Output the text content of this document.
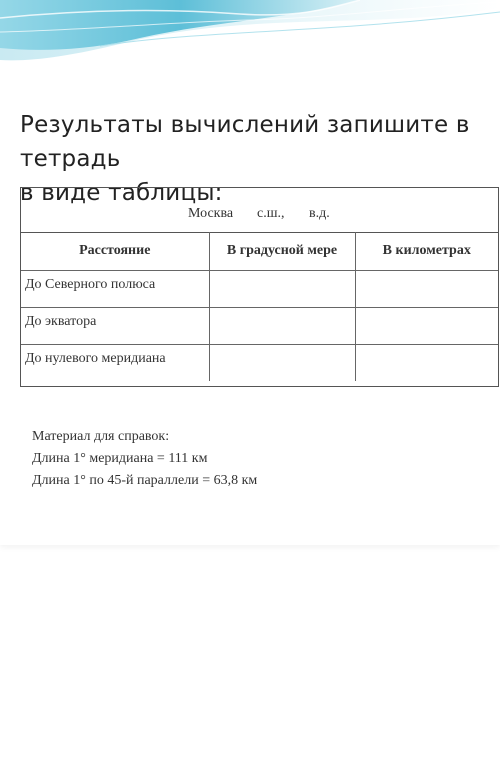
Результаты вычислений запишите в тетрадь
в виде таблицы:
Москва с.ш., в.д.
Расстояние	В градусной мере	В километрах
До Северного полюса		
До экватора		
До нулевого меридиана		
Материал для справок:
Длина 1° меридиана = 111 км
Длина 1° по 45-й параллели = 63,8 км
